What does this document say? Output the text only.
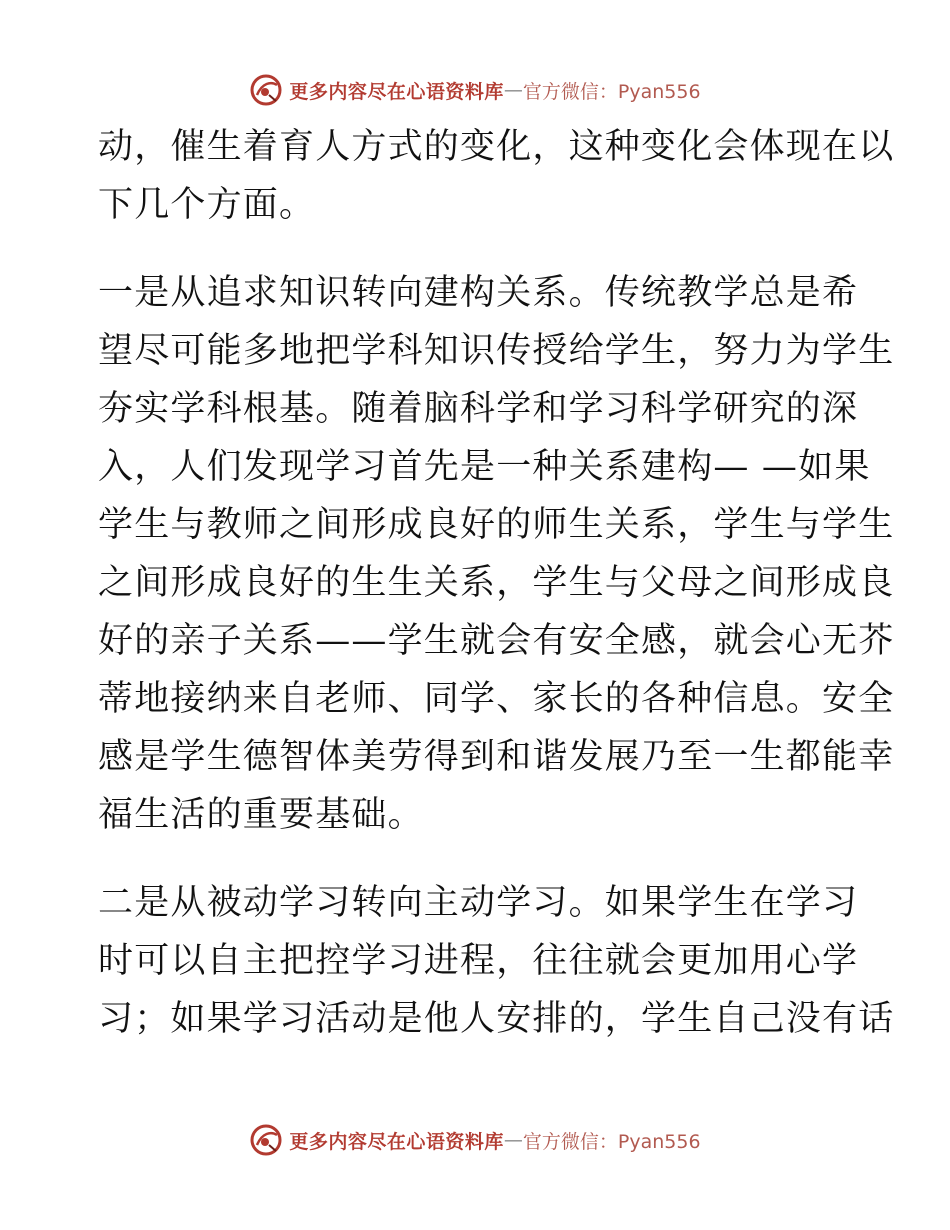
更多内容尽在心语资料库 — 官方微信：Pyan556
动，催生着育人方式的变化，这种变化会体现在以
下几个方面。
一是从追求知识转向建构关系。传统教学总是希
望尽可能多地把学科知识传授给学生，努力为学生
夯实学科根基。随着脑科学和学习科学研究的深
入，人们发现学习首先是一种关系建构— —如果
学生与教师之间形成良好的师生关系，学生与学生
之间形成良好的生生关系，学生与父母之间形成良
好的亲子关系——学生就会有安全感，就会心无芥
蒂地接纳来自老师、同学、家长的各种信息。安全
感是学生德智体美劳得到和谐发展乃至一生都能幸
福生活的重要基础。
二是从被动学习转向主动学习。如果学生在学习
时可以自主把控学习进程，往往就会更加用心学
习；如果学习活动是他人安排的，学生自己没有话
更多内容尽在心语资料库 — 官方微信：Pyan556
